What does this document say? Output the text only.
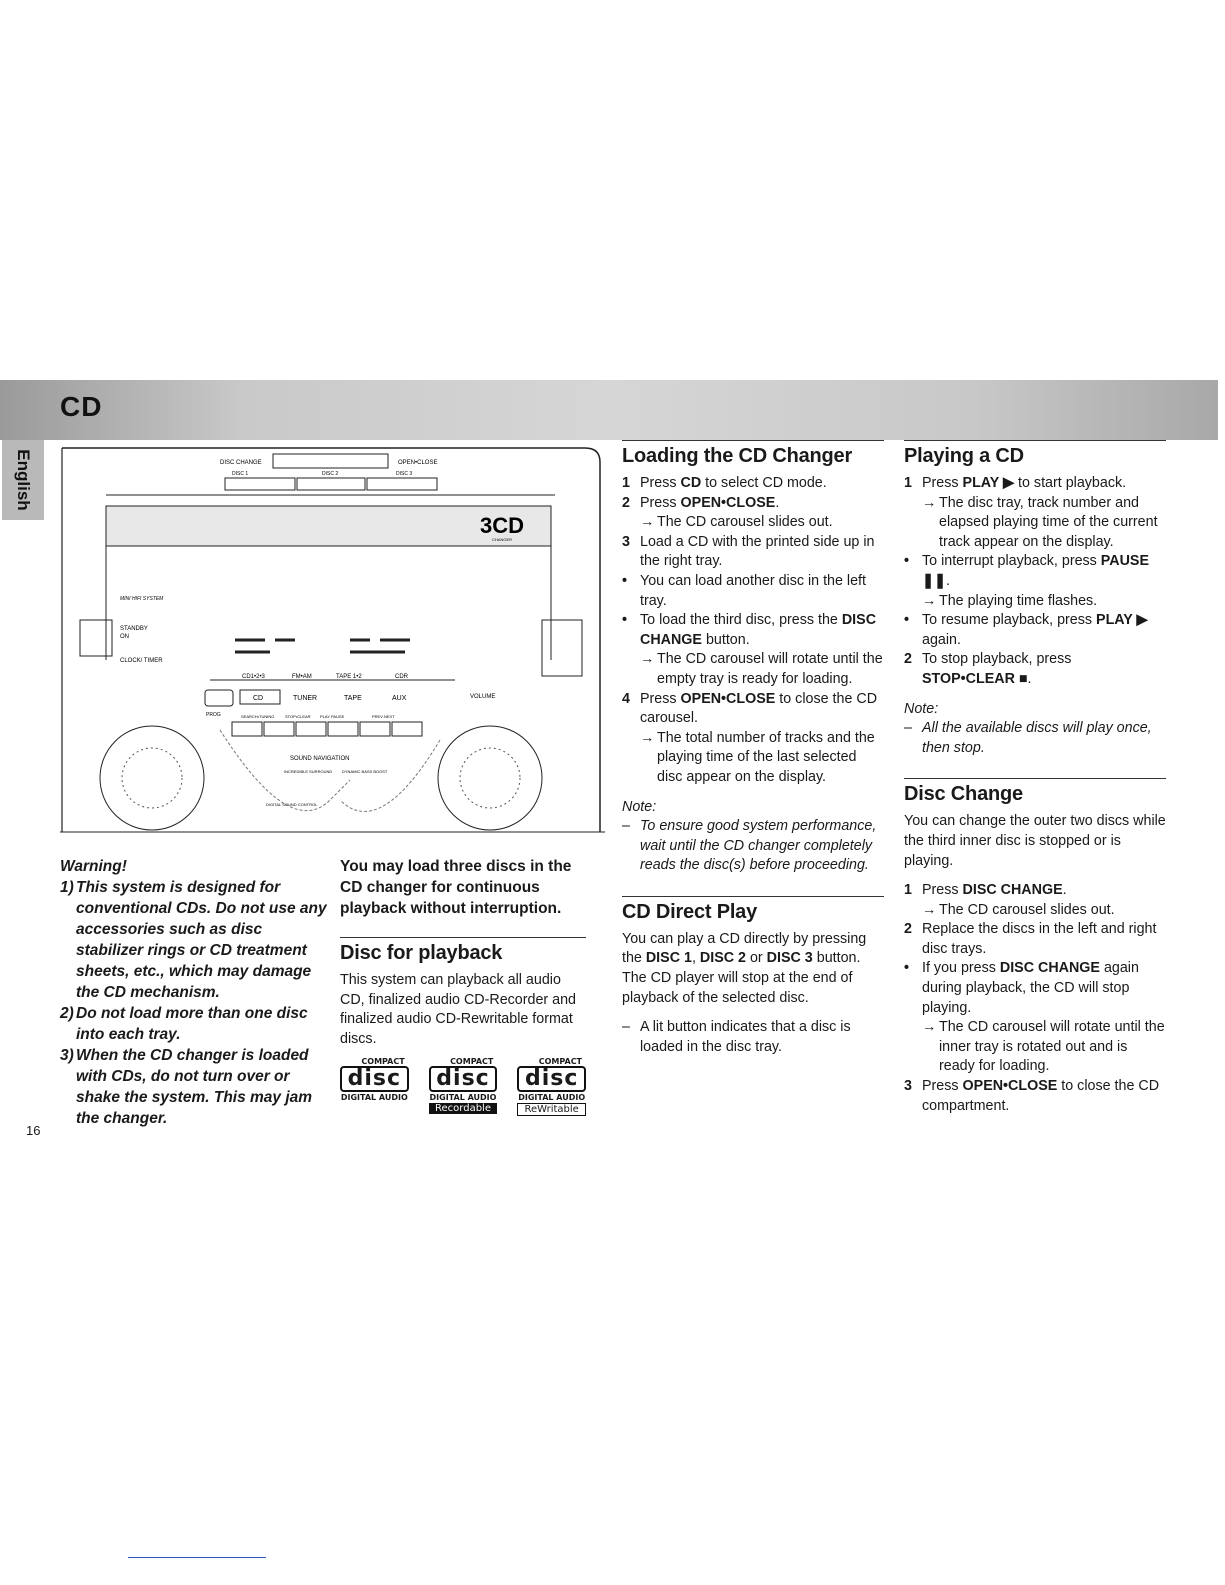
CD
English	DISC CHANGE	OPEN•CLOSE
DISC 1	DISC 2	DISC 3
3CD
CHANGER
MINI HIFI SYSTEM
STANDBY
ON
CLOCK/ TIMER
CD1•2•3	FM•AM	TAPE 1•2	CDR
PROG
CD	TUNER	TAPE	AUX	VOLUME
SEARCH•TUNING	STOP•CLEAR PLAY PAUSE	PREV NEXT
SOUND NAVIGATION
DYNAMIC BASS BOOST
INCREDIBLE SURROUND
DIGITAL SOUND CONTROL
Warning!
1) This system is designed for conventional CDs. Do not use any accessories such as disc stabilizer rings or CD treatment sheets, etc., which may damage the CD mechanism.
2) Do not load more than one disc into each tray.
3) When the CD changer is loaded with CDs, do not turn over or shake the system. This may jam the changer.
You may load three discs in the CD changer for continuous playback without interruption.
Disc for playback

This system can playback all audio CD, finalized audio CD-Recorder and finalized audio CD-Rewritable format discs.

COMPACT
disc
DIGITAL AUDIO
COMPACT
disc
DIGITAL AUDIO
Recordable
COMPACT
disc
DIGITAL AUDIO
ReWritable
Loading the CD Changer
1 Press CD to select CD mode.
2 Press OPEN•CLOSE.
→ The CD carousel slides out.
3 Load a CD with the printed side up in the right tray.
• You can load another disc in the left tray.
• To load the third disc, press the DISC CHANGE button.
→ The CD carousel will rotate until the empty tray is ready for loading.
4 Press OPEN•CLOSE to close the CD carousel.
→ The total number of tracks and the playing time of the last selected disc appear on the display.
Note:
– To ensure good system performance, wait until the CD changer completely reads the disc(s) before proceeding.
CD Direct Play

You can play a CD directly by pressing the DISC 1, DISC 2 or DISC 3 button. The CD player will stop at the end of playback of the selected disc.

– A lit button indicates that a disc is loaded in the disc tray.
Playing a CD
1 Press PLAY ▶ to start playback.
→ The disc tray, track number and elapsed playing time of the current track appear on the display.
• To interrupt playback, press PAUSE ❚❚.
→ The playing time flashes.
• To resume playback, press PLAY ▶ again.
2 To stop playback, press STOP•CLEAR ■.
Note:
– All the available discs will play once, then stop.
Disc Change

You can change the outer two discs while the third inner disc is stopped or is playing.

1 Press DISC CHANGE.
→ The CD carousel slides out.
2 Replace the discs in the left and right disc trays.
• If you press DISC CHANGE again during playback, the CD will stop playing.
→ The CD carousel will rotate until the inner tray is rotated out and is ready for loading.
3 Press OPEN•CLOSE to close the CD compartment.
16
